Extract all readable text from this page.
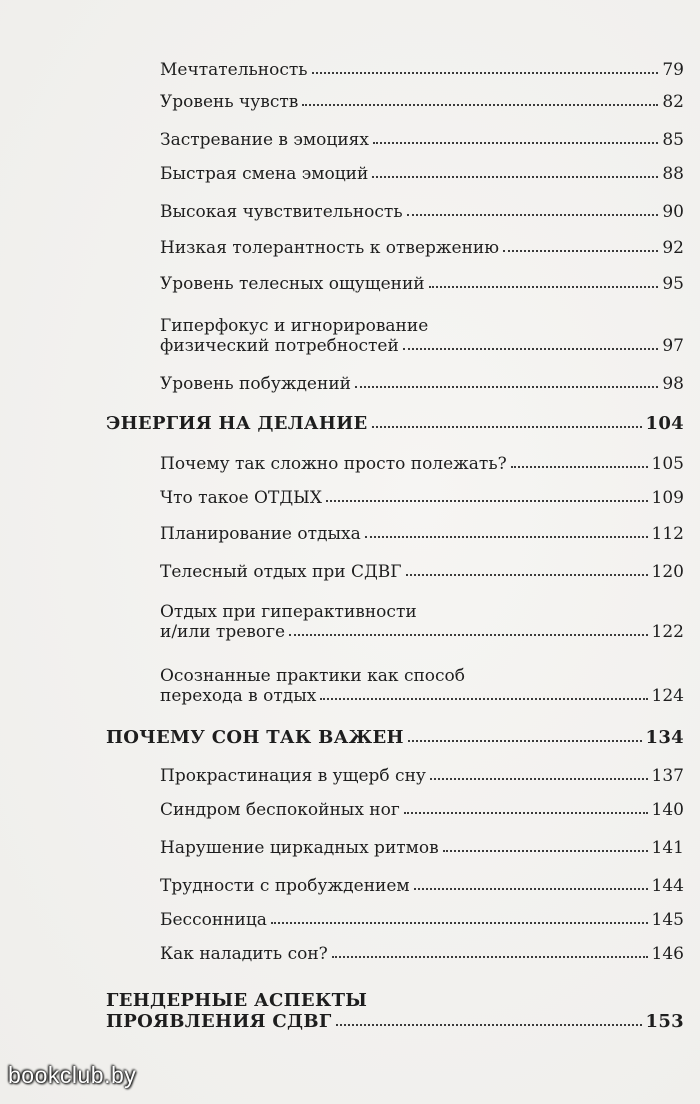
Мечтательность	79
Уровень чувств	82
Застревание в эмоциях	85
Быстрая смена эмоций	88
Высокая чувствительность	90
Низкая толерантность к отвержению	92
Уровень телесных ощущений	95
Гиперфокус и игнорирование
физический потребностей	97
Уровень побуждений	98
ЭНЕРГИЯ НА ДЕЛАНИЕ	104
Почему так сложно просто полежать?	105
Что такое ОТДЫХ	109
Планирование отдыха	112
Телесный отдых при СДВГ	120
Отдых при гиперактивности
и/или тревоге	122
Осознанные практики как способ
перехода в отдых	124
ПОЧЕМУ СОН ТАК ВАЖЕН	134
Прокрастинация в ущерб сну	137
Синдром беспокойных ног	140
Нарушение циркадных ритмов	141
Трудности с пробуждением	144
Бессонница	145
Как наладить сон?	146
ГЕНДЕРНЫЕ АСПЕКТЫ
ПРОЯВЛЕНИЯ СДВГ	153
bookclub.by
